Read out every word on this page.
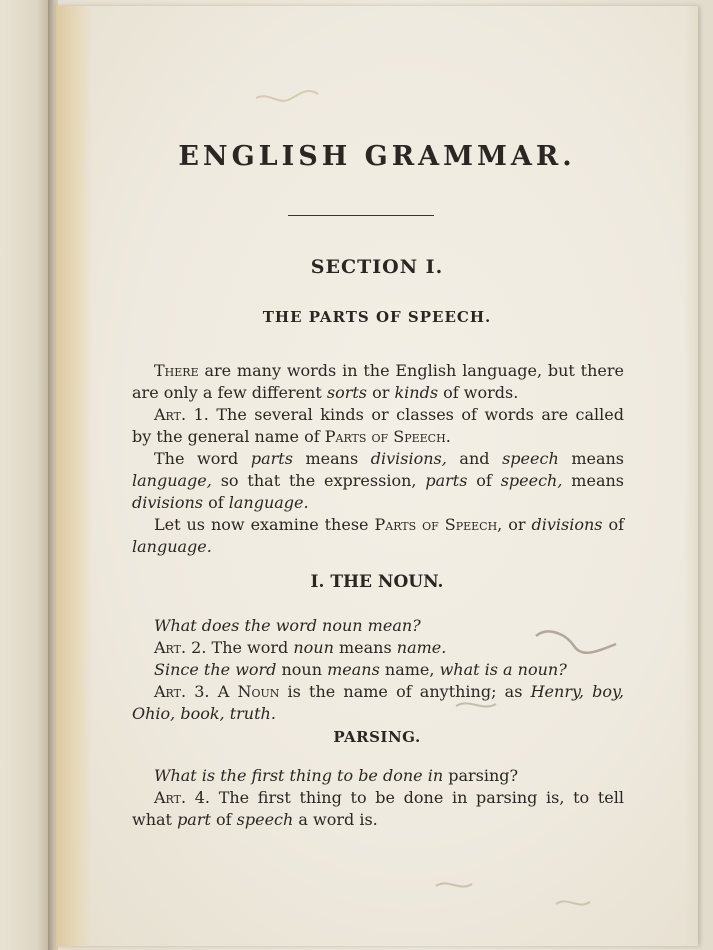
ENGLISH GRAMMAR.
SECTION I.
THE PARTS OF SPEECH.

There are many words in the English language, but there are only a few different sorts or kinds of words.

Art. 1. The several kinds or classes of words are called by the general name of Parts of Speech.

The word parts means divisions, and speech means language, so that the expression, parts of speech, means divisions of language.

Let us now examine these Parts of Speech, or divisions of language.

I. THE NOUN.

What does the word noun mean?

Art. 2. The word noun means name.

Since the word noun means name, what is a noun?

Art. 3. A Noun is the name of anything; as Henry, boy, Ohio, book, truth.

PARSING.

What is the first thing to be done in parsing?

Art. 4. The first thing to be done in parsing is, to tell what part of speech a word is.
